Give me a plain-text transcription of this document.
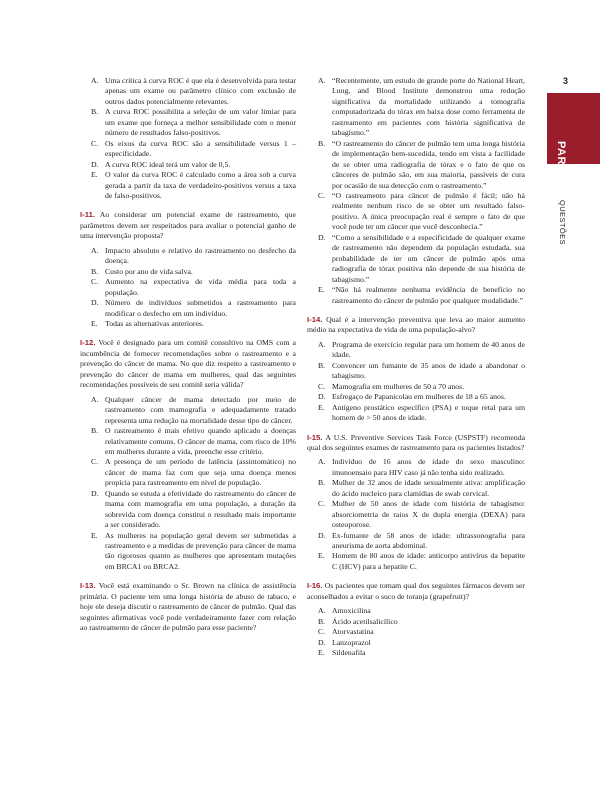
A. Uma crítica à curva ROC é que ela é desenvolvida para testar apenas um exame ou parâmetro clínico com exclusão de outros dados potencialmente relevantes.
B. A curva ROC possibilita a seleção de um valor limiar para um exame que forneça a melhor sensibilidade com o menor número de resultados falso-positivos.
C. Os eixos da curva ROC são a sensibilidade versus 1 – especificidade.
D. A curva ROC ideal terá um valor de 0,5.
E. O valor da curva ROC é calculado como a área sob a curva gerada a partir da taxa de verdadeiro-positivos versus a taxa de falso-positivos.

I-11. Ao considerar um potencial exame de rastreamento, que parâmetros devem ser respeitados para avaliar o potencial ganho de uma intervenção proposta?

A. Impacto absoluto e relativo do rastreamento no desfecho da doença.
B. Custo por ano de vida salva.
C. Aumento na expectativa de vida média para toda a população.
D. Número de indivíduos submetidos a rastreamento para modificar o desfecho em um indivíduo.
E. Todas as alternativas anteriores.

I-12. Você é designado para um comitê consultivo na OMS com a incumbência de fornecer recomendações sobre o rastreamento e a prevenção do câncer de mama. No que diz respeito a rastreamento e prevenção do câncer de mama em mulheres, qual das seguintes recomendações possíveis de seu comitê seria válida?

A. Qualquer câncer de mama detectado por meio de rastreamento com mamografia e adequadamente tratado representa uma redução na mortalidade desse tipo de câncer.
B. O rastreamento é mais efetivo quando aplicado a doenças relativamente comuns. O câncer de mama, com risco de 10% em mulheres durante a vida, preenche esse critério.
C. A presença de um período de latência (assintomático) no câncer de mama faz com que seja uma doença menos propícia para rastreamento em nível de população.
D. Quando se estuda a efetividade do rastreamento do câncer de mama com mamografia em uma população, a duração da sobrevida com doença constitui o resultado mais importante a ser considerado.
E. As mulheres na população geral devem ser submetidas a rastreamento e a medidas de prevenção para câncer de mama tão rigorosos quanto as mulheres que apresentam mutações em BRCA1 ou BRCA2.

I-13. Você está examinando o Sr. Brown na clínica de assistência primária. O paciente tem uma longa história de abuso de tabaco, e hoje ele deseja discutir o rastreamento de câncer de pulmão. Qual das seguintes afirmativas você pode verdadeiramente fazer com relação ao rastreamento de câncer de pulmão para esse paciente?

A. “Recentemente, um estudo de grande porte do National Heart, Lung, and Blood Institute demonstrou uma redução significativa da mortalidade utilizando a tomografia computadorizada do tórax em baixa dose como ferramenta de rastreamento em pacientes com história significativa de tabagismo.”
B. “O rastreamento do câncer de pulmão tem uma longa história de implementação bem-sucedida, tendo em vista a facilidade de se obter uma radiografia de tórax e o fato de que os cânceres de pulmão são, em sua maioria, passíveis de cura por ocasião de sua detecção com o rastreamento.”
C. “O rastreamento para câncer de pulmão é fácil; não há realmente nenhum risco de se obter um resultado falso-positivo. A única preocupação real é sempre o fato de que você pode ter um câncer que você desconhecia.”
D. “Como a sensibilidade e a especificidade de qualquer exame de rastreamento não dependem da população estudada, sua probabilidade de ter um câncer de pulmão após uma radiografia de tórax positiva não depende de sua história de tabagismo.”
E. “Não há realmente nenhuma evidência de benefício no rastreamento do câncer de pulmão por qualquer modalidade.”

I-14. Qual é a intervenção preventiva que leva ao maior aumento médio na expectativa de vida de uma população-alvo?

A. Programa de exercício regular para um homem de 40 anos de idade.
B. Convencer um fumante de 35 anos de idade a abandonar o tabagismo.
C. Mamografia em mulheres de 50 a 70 anos.
D. Esfregaço de Papanicolau em mulheres de 18 a 65 anos.
E. Antígeno prostático específico (PSA) e toque retal para um homem de > 50 anos de idade.

I-15. A U.S. Preventive Services Task Force (USPSTF) recomenda qual dos seguintes exames de rastreamento para os pacientes listados?

A. Indivíduo de 16 anos de idade do sexo masculino: imunoensaio para HIV caso já não tenha sido realizado.
B. Mulher de 32 anos de idade sexualmente ativa: amplificação do ácido nucleico para clamídias de swab cervical.
C. Mulher de 50 anos de idade com história de tabagismo: absorciometria de raios X de dupla energia (DEXA) para osteoporose.
D. Ex-fumante de 58 anos de idade: ultrassonografia para aneurisma de aorta abdominal.
E. Homem de 80 anos de idade: anticorpo antivírus da hepatite C (HCV) para a hepatite C.

I-16. Os pacientes que tomam qual dos seguintes fármacos devem ser aconselhados a evitar o suco de toranja (grapefruit)?

A. Amoxicilina
B. Ácido acetilsalicílico
C. Atorvastatina
D. Lanzoprazol
E. Sildenafila
3
PARTE I
QUESTÕES
